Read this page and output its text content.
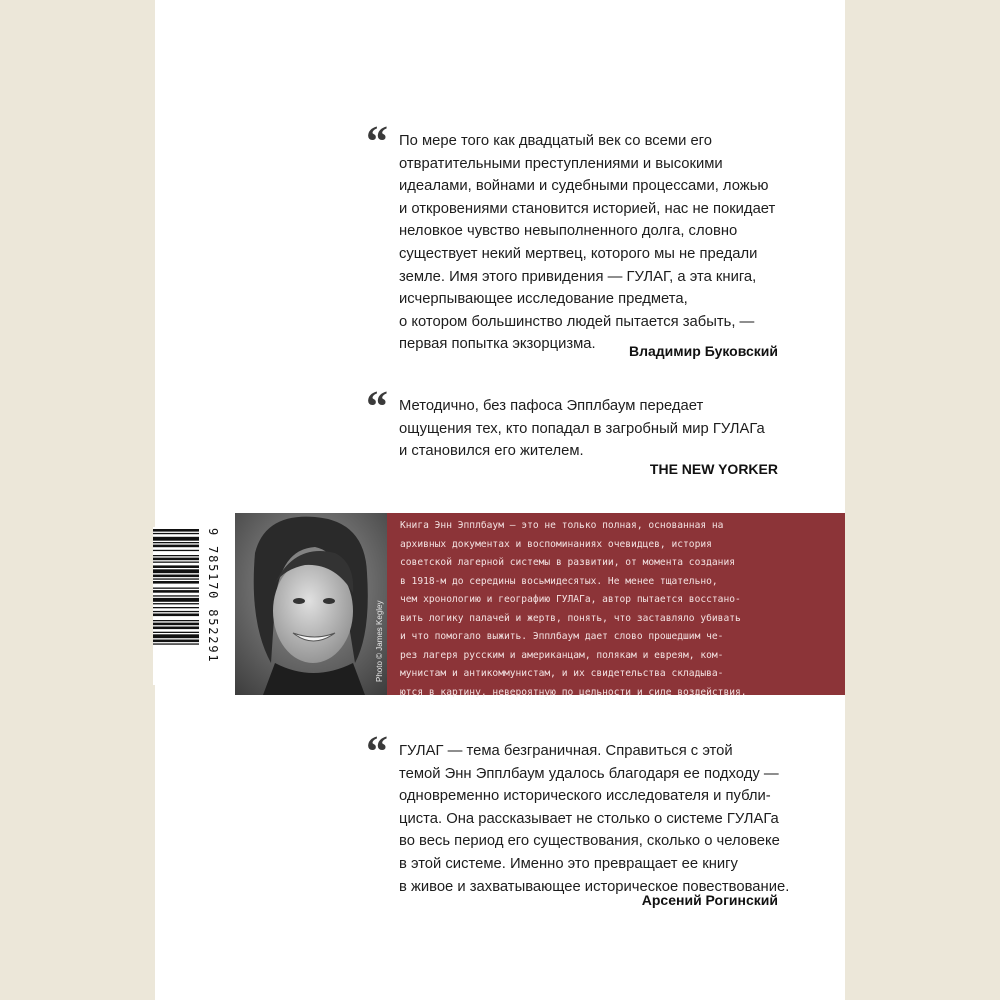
“ По мере того как двадцатый век со всеми его
отвратительными преступлениями и высокими
идеалами, войнами и судебными процессами, ложью
и откровениями становится историей, нас не покидает
неловкое чувство невыполненного долга, словно
существует некий мертвец, которого мы не предали
земле. Имя этого привидения — ГУЛАГ, а эта книга,
исчерпывающее исследование предмета,
о котором большинство людей пытается забыть, —
первая попытка экзорцизма.	Владимир Буковский
“ Методично, без пафоса Эпплбаум передает
ощущения тех, кто попадал в загробный мир ГУЛАГа
и становился его жителем.
THE NEW YORKER
Photo © James Kegley
Книга Энн Эпплбаум — это не только полная, основанная на
архивных документах и воспоминаниях очевидцев, история
советской лагерной системы в развитии, от момента создания
в 1918-м до середины восьмидесятых. Не менее тщательно,
чем хронологию и географию ГУЛАГа, автор пытается восстано-
вить логику палачей и жертв, понять, что заставляло убивать
и что помогало выжить. Эпплбаум дает слово прошедшим че-
рез лагеря русским и американцам, полякам и евреям, ком-
мунистам и антикоммунистам, и их свидетельства складыва-
ются в картину, невероятную по цельности и силе воздействия.
9 785170 852291
“ ГУЛАГ — тема безграничная. Справиться с этой
темой Энн Эпплбаум удалось благодаря ее подходу —
одновременно исторического исследователя и публи-
циста. Она рассказывает не столько о системе ГУЛАГа
во весь период его существования, сколько о человеке
в этой системе. Именно это превращает ее книгу
в живое и захватывающее историческое повествование.
Арсений Рогинский
